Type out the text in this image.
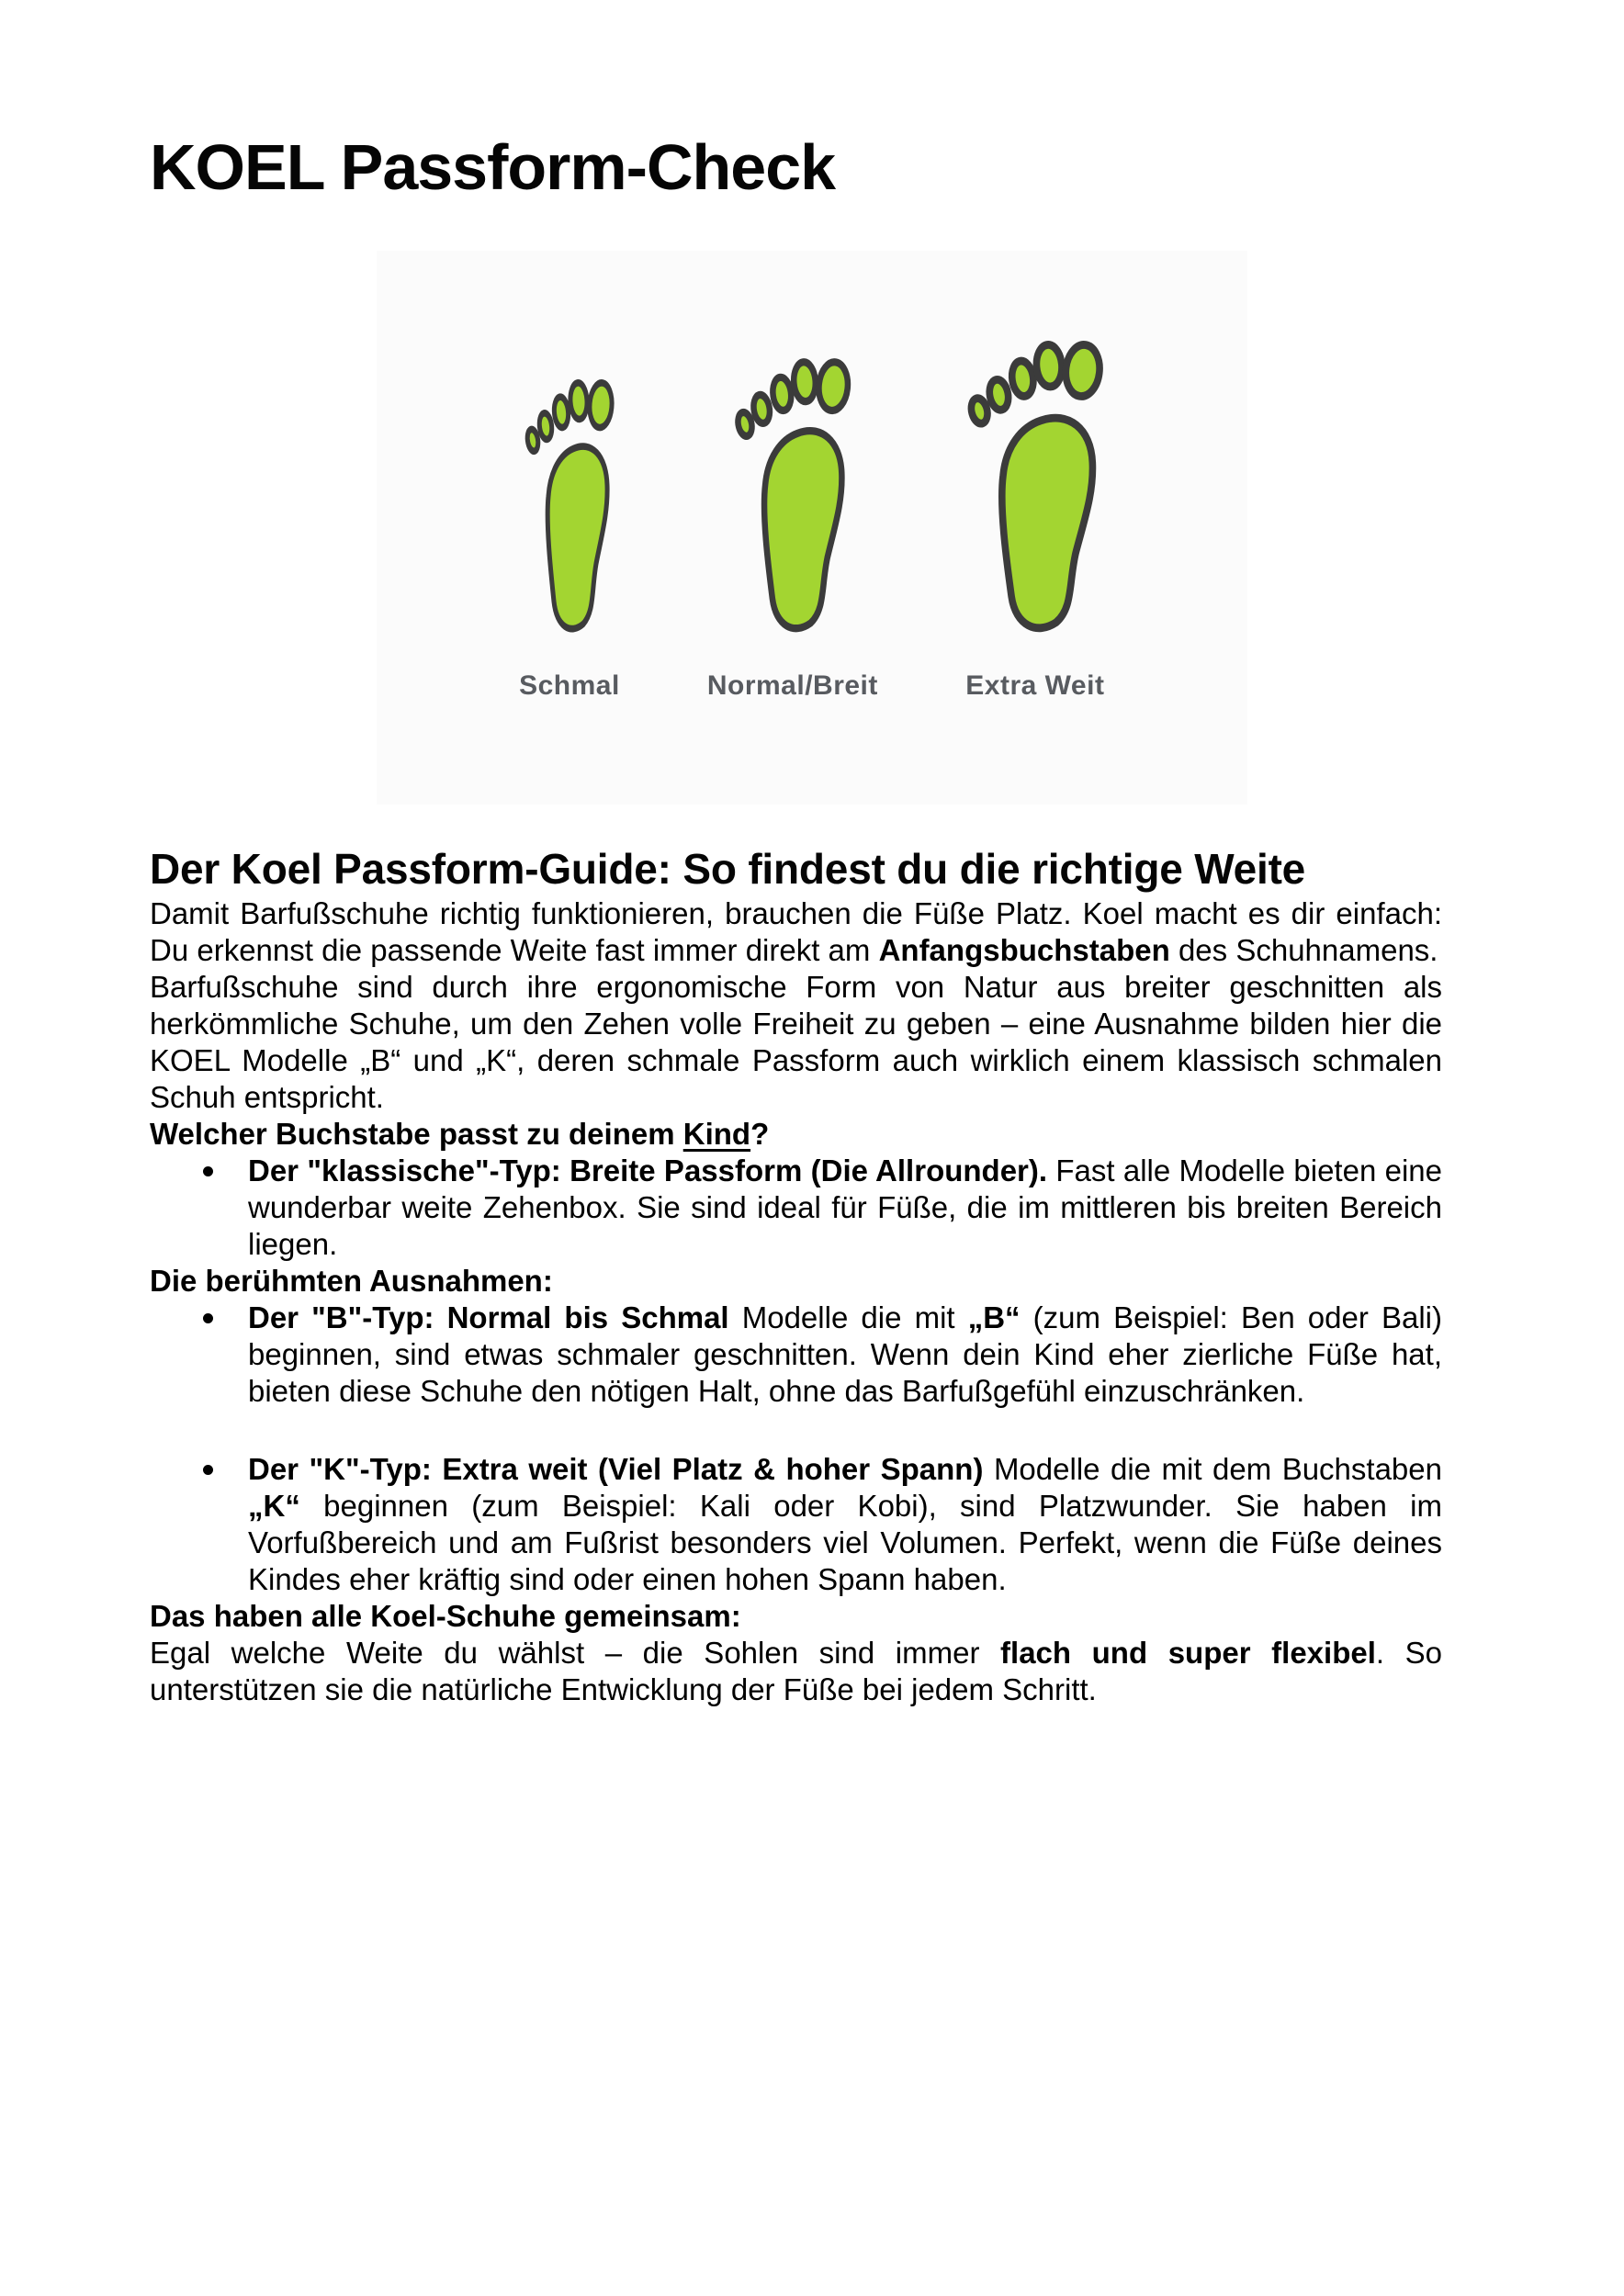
KOEL Passform-Check
Schmal	Normal/Breit	Extra Weit
Der Koel Passform-Guide: So findest du die richtige Weite

Damit Barfußschuhe richtig funktionieren, brauchen die Füße Platz. Koel macht es dir einfach: Du erkennst die passende Weite fast immer direkt am Anfangsbuchstaben des Schuhnamens.

Barfußschuhe sind durch ihre ergonomische Form von Natur aus breiter geschnitten als herkömmliche Schuhe, um den Zehen volle Freiheit zu geben – eine Ausnahme bilden hier die KOEL Modelle „B“ und „K“, deren schmale Passform auch wirklich einem klassisch schmalen Schuh entspricht.

Welcher Buchstabe passt zu deinem Kind?
Der "klassische"-Typ: Breite Passform (Die Allrounder). Fast alle Modelle bieten eine wunderbar weite Zehenbox. Sie sind ideal für Füße, die im mittleren bis breiten Bereich liegen.
Die berühmten Ausnahmen:
Der "B"-Typ: Normal bis Schmal Modelle die mit „B“ (zum Beispiel: Ben oder Bali) beginnen, sind etwas schmaler geschnitten. Wenn dein Kind eher zierliche Füße hat, bieten diese Schuhe den nötigen Halt, ohne das Barfußgefühl einzuschränken.
Der "K"-Typ: Extra weit (Viel Platz & hoher Spann) Modelle die mit dem Buchstaben „K“ beginnen (zum Beispiel: Kali oder Kobi), sind Platzwunder. Sie haben im Vorfußbereich und am Fußrist besonders viel Volumen. Perfekt, wenn die Füße deines Kindes eher kräftig sind oder einen hohen Spann haben.
Das haben alle Koel-Schuhe gemeinsam:

Egal welche Weite du wählst – die Sohlen sind immer flach und super flexibel. So unterstützen sie die natürliche Entwicklung der Füße bei jedem Schritt.
